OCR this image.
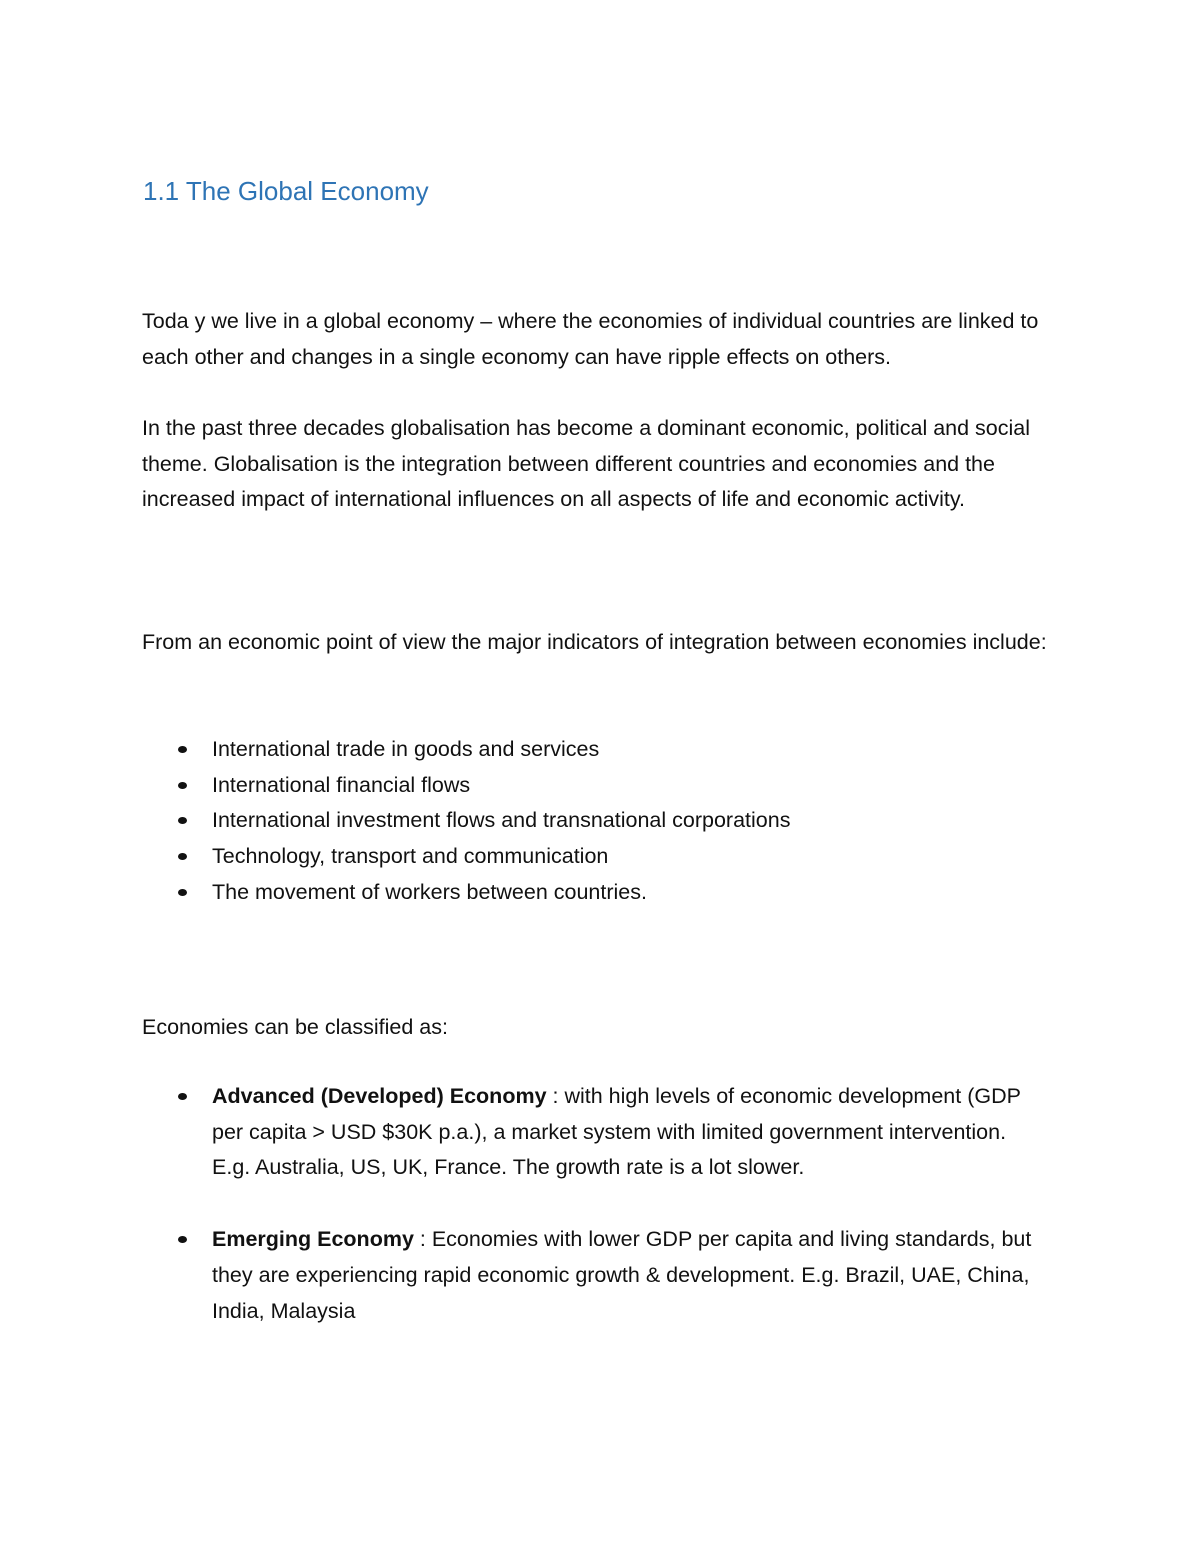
1.1 The Global Economy

Toda y we live in a global economy – where the economies of individual countries are linked to each other and changes in a single economy can have ripple effects on others.

In the past three decades globalisation has become a dominant economic, political and social theme. Globalisation is the integration between different countries and economies and the increased impact of international influences on all aspects of life and economic activity.

From an economic point of view the major indicators of integration between economies include:

International trade in goods and services
International financial flows
International investment flows and transnational corporations
Technology, transport and communication
The movement of workers between countries.

Economies can be classified as:

Advanced (Developed) Economy : with high levels of economic development (GDP per capita > USD $30K p.a.), a market system with limited government intervention. E.g. Australia, US, UK, France. The growth rate is a lot slower.
Emerging Economy : Economies with lower GDP per capita and living standards, but they are experiencing rapid economic growth & development. E.g. Brazil, UAE, China, India, Malaysia
